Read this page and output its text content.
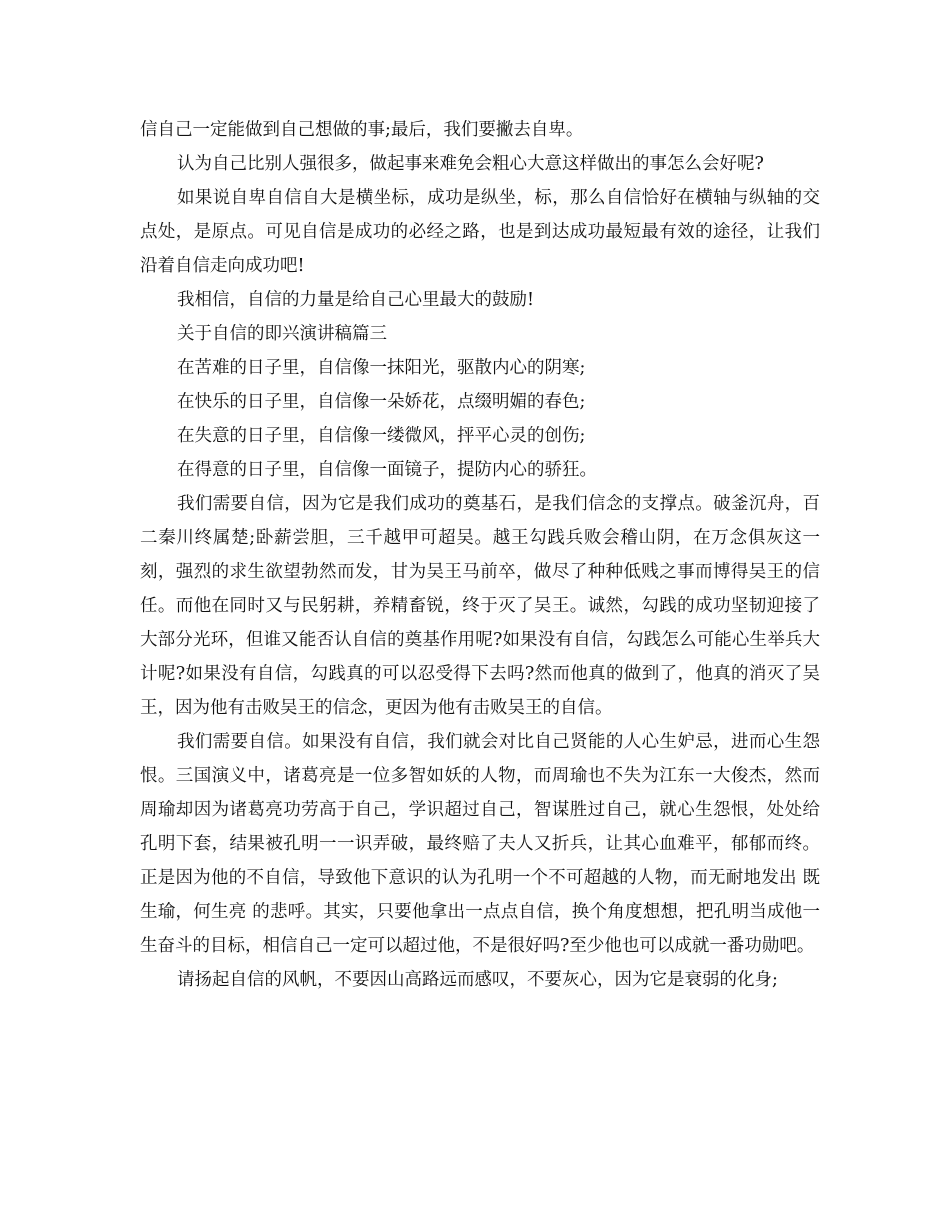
信自己一定能做到自己想做的事;最后，我们要撇去自卑。

认为自己比别人强很多，做起事来难免会粗心大意这样做出的事怎么会好呢?

如果说自卑自信自大是横坐标，成功是纵坐，标，那么自信恰好在横轴与纵轴的交点处，是原点。可见自信是成功的必经之路，也是到达成功最短最有效的途径，让我们沿着自信走向成功吧!

我相信，自信的力量是给自己心里最大的鼓励!

关于自信的即兴演讲稿篇三

在苦难的日子里，自信像一抹阳光，驱散内心的阴寒;

在快乐的日子里，自信像一朵娇花，点缀明媚的春色;

在失意的日子里，自信像一缕微风，抨平心灵的创伤;

在得意的日子里，自信像一面镜子，提防内心的骄狂。

我们需要自信，因为它是我们成功的奠基石，是我们信念的支撑点。破釜沉舟，百二秦川终属楚;卧薪尝胆，三千越甲可超吴。越王勾践兵败会稽山阴，在万念俱灰这一刻，强烈的求生欲望勃然而发，甘为吴王马前卒，做尽了种种低贱之事而博得吴王的信任。而他在同时又与民躬耕，养精畜锐，终于灭了吴王。诚然，勾践的成功坚韧迎接了大部分光环，但谁又能否认自信的奠基作用呢?如果没有自信，勾践怎么可能心生举兵大计呢?如果没有自信，勾践真的可以忍受得下去吗?然而他真的做到了，他真的消灭了吴王，因为他有击败吴王的信念，更因为他有击败吴王的自信。

我们需要自信。如果没有自信，我们就会对比自己贤能的人心生妒忌，进而心生怨恨。三国演义中，诸葛亮是一位多智如妖的人物，而周瑜也不失为江东一大俊杰，然而周瑜却因为诸葛亮功劳高于自己，学识超过自己，智谋胜过自己，就心生怨恨，处处给孔明下套，结果被孔明一一识弄破，最终赔了夫人又折兵，让其心血难平，郁郁而终。正是因为他的不自信，导致他下意识的认为孔明一个不可超越的人物，而无耐地发出 既生瑜，何生亮 的悲呼。其实，只要他拿出一点点自信，换个角度想想，把孔明当成他一生奋斗的目标，相信自己一定可以超过他，不是很好吗?至少他也可以成就一番功勋吧。

请扬起自信的风帆，不要因山高路远而感叹，不要灰心，因为它是衰弱的化身;
